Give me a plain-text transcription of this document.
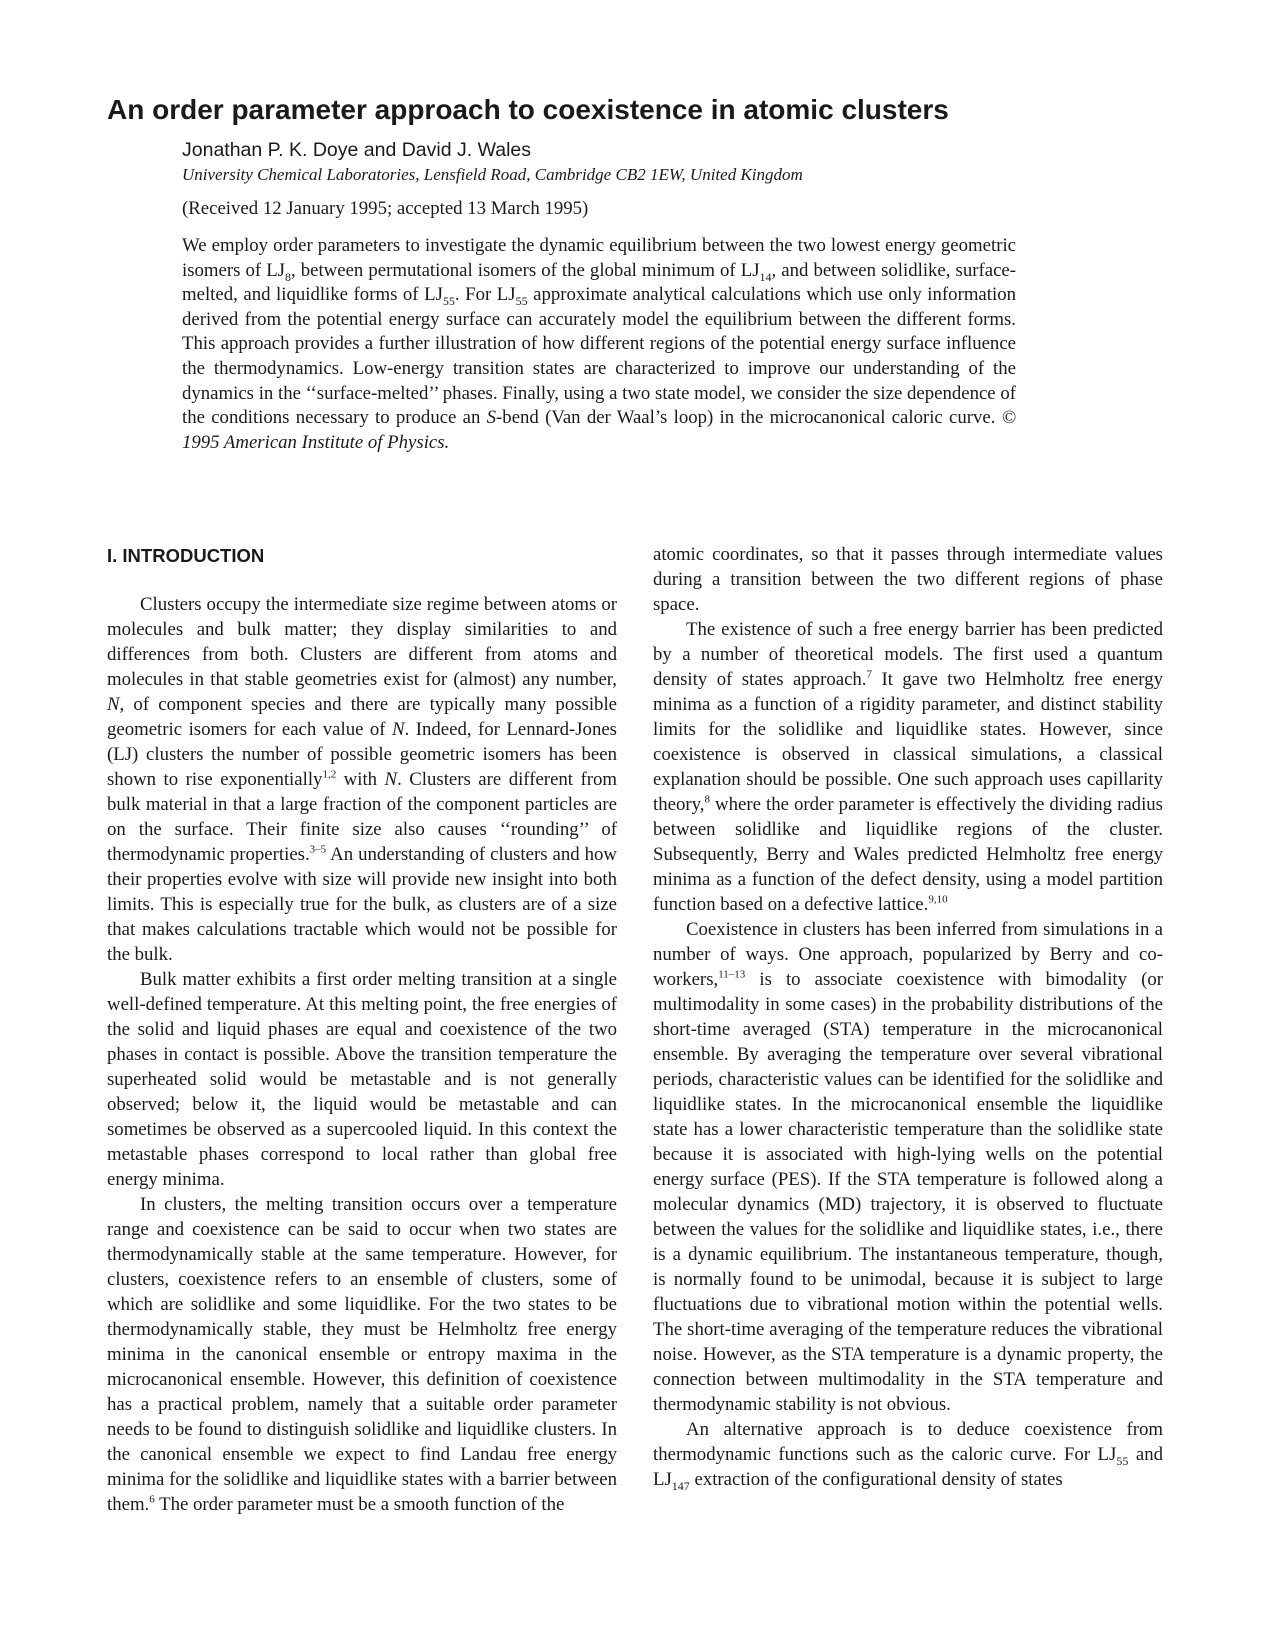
An order parameter approach to coexistence in atomic clusters

Jonathan P. K. Doye and David J. Wales

University Chemical Laboratories, Lensfield Road, Cambridge CB2 1EW, United Kingdom

(Received 12 January 1995; accepted 13 March 1995)

We employ order parameters to investigate the dynamic equilibrium between the two lowest energy geometric isomers of $LJ_8$, between permutational isomers of the global minimum of $LJ_{14}$, and between solidlike, surface-melted, and liquidlike forms of $LJ_{55}$. For $LJ_{55}$ approximate analytical calculations which use only information derived from the potential energy surface can accurately model the equilibrium between the different forms. This approach provides a further illustration of how different regions of the potential energy surface influence the thermodynamics. Low-energy transition states are characterized to improve our understanding of the dynamics in the ‘‘surface-melted’’ phases. Finally, using a two state model, we consider the size dependence of the conditions necessary to produce an S-bend (Van der Waal’s loop) in the microcanonical caloric curve. © 1995 American Institute of Physics.

I. INTRODUCTION

Clusters occupy the intermediate size regime between atoms or molecules and bulk matter; they display similarities to and differences from both. Clusters are different from atoms and molecules in that stable geometries exist for (almost) any number, N, of component species and there are typically many possible geometric isomers for each value of N. Indeed, for Lennard-Jones (LJ) clusters the number of possible geometric isomers has been shown to rise exponentially$^{1,2}$ with N. Clusters are different from bulk material in that a large fraction of the component particles are on the surface. Their finite size also causes ‘‘rounding’’ of thermodynamic properties.$^{3-5}$ An understanding of clusters and how their properties evolve with size will provide new insight into both limits. This is especially true for the bulk, as clusters are of a size that makes calculations tractable which would not be possible for the bulk.

Bulk matter exhibits a first order melting transition at a single well-defined temperature. At this melting point, the free energies of the solid and liquid phases are equal and coexistence of the two phases in contact is possible. Above the transition temperature the superheated solid would be metastable and is not generally observed; below it, the liquid would be metastable and can sometimes be observed as a supercooled liquid. In this context the metastable phases correspond to local rather than global free energy minima.

In clusters, the melting transition occurs over a temperature range and coexistence can be said to occur when two states are thermodynamically stable at the same temperature. However, for clusters, coexistence refers to an ensemble of clusters, some of which are solidlike and some liquidlike. For the two states to be thermodynamically stable, they must be Helmholtz free energy minima in the canonical ensemble or entropy maxima in the microcanonical ensemble. However, this definition of coexistence has a practical problem, namely that a suitable order parameter needs to be found to distinguish solidlike and liquidlike clusters. In the canonical ensemble we expect to find Landau free energy minima for the solidlike and liquidlike states with a barrier between them.$^6$ The order parameter must be a smooth function of the

atomic coordinates, so that it passes through intermediate values during a transition between the two different regions of phase space.

The existence of such a free energy barrier has been predicted by a number of theoretical models. The first used a quantum density of states approach.$^7$ It gave two Helmholtz free energy minima as a function of a rigidity parameter, and distinct stability limits for the solidlike and liquidlike states. However, since coexistence is observed in classical simulations, a classical explanation should be possible. One such approach uses capillarity theory,$^8$ where the order parameter is effectively the dividing radius between solidlike and liquidlike regions of the cluster. Subsequently, Berry and Wales predicted Helmholtz free energy minima as a function of the defect density, using a model partition function based on a defective lattice.$^{9,10}$

Coexistence in clusters has been inferred from simulations in a number of ways. One approach, popularized by Berry and co-workers,$^{11-13}$ is to associate coexistence with bimodality (or multimodality in some cases) in the probability distributions of the short-time averaged (STA) temperature in the microcanonical ensemble. By averaging the temperature over several vibrational periods, characteristic values can be identified for the solidlike and liquidlike states. In the microcanonical ensemble the liquidlike state has a lower characteristic temperature than the solidlike state because it is associated with high-lying wells on the potential energy surface (PES). If the STA temperature is followed along a molecular dynamics (MD) trajectory, it is observed to fluctuate between the values for the solidlike and liquidlike states, i.e., there is a dynamic equilibrium. The instantaneous temperature, though, is normally found to be unimodal, because it is subject to large fluctuations due to vibrational motion within the potential wells. The short-time averaging of the temperature reduces the vibrational noise. However, as the STA temperature is a dynamic property, the connection between multimodality in the STA temperature and thermodynamic stability is not obvious.

An alternative approach is to deduce coexistence from thermodynamic functions such as the caloric curve. For $LJ_{55}$ and $LJ_{147}$ extraction of the configurational density of states
